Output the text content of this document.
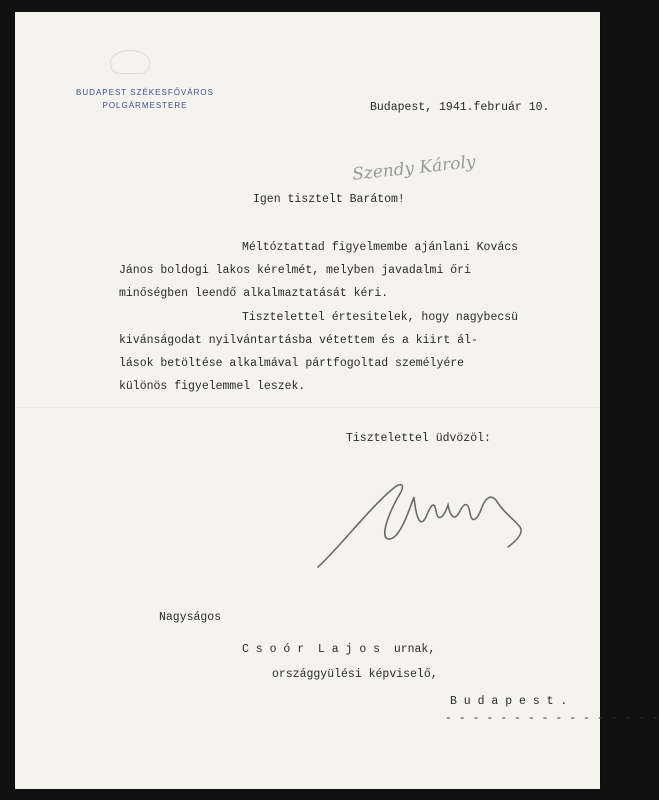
BUDAPEST SZÉKESFŐVÁROS
POLGÁRMESTERE	Budapest, 1941.február 10.
Szendy Károly
Igen tisztelt Barátom!
Méltóztattad figyelmembe ajánlani Kovács
János boldogi lakos kérelmét, melyben javadalmi őri
minőségben leendő alkalmaztatását kéri.
Tisztelettel értesitelek, hogy nagybecsü
kivánságodat nyilvántartásba vétettem és a kiirt ál-
lások betöltése alkalmával pártfogoltad személyére
különös figyelemmel leszek.
Tisztelettel üdvözöl:
Nagyságos
C s o ó r  L a j o s  urnak,
országgyülési képviselő,
B u d a p e s t .
- - - - - - - - - - - - - - - -
